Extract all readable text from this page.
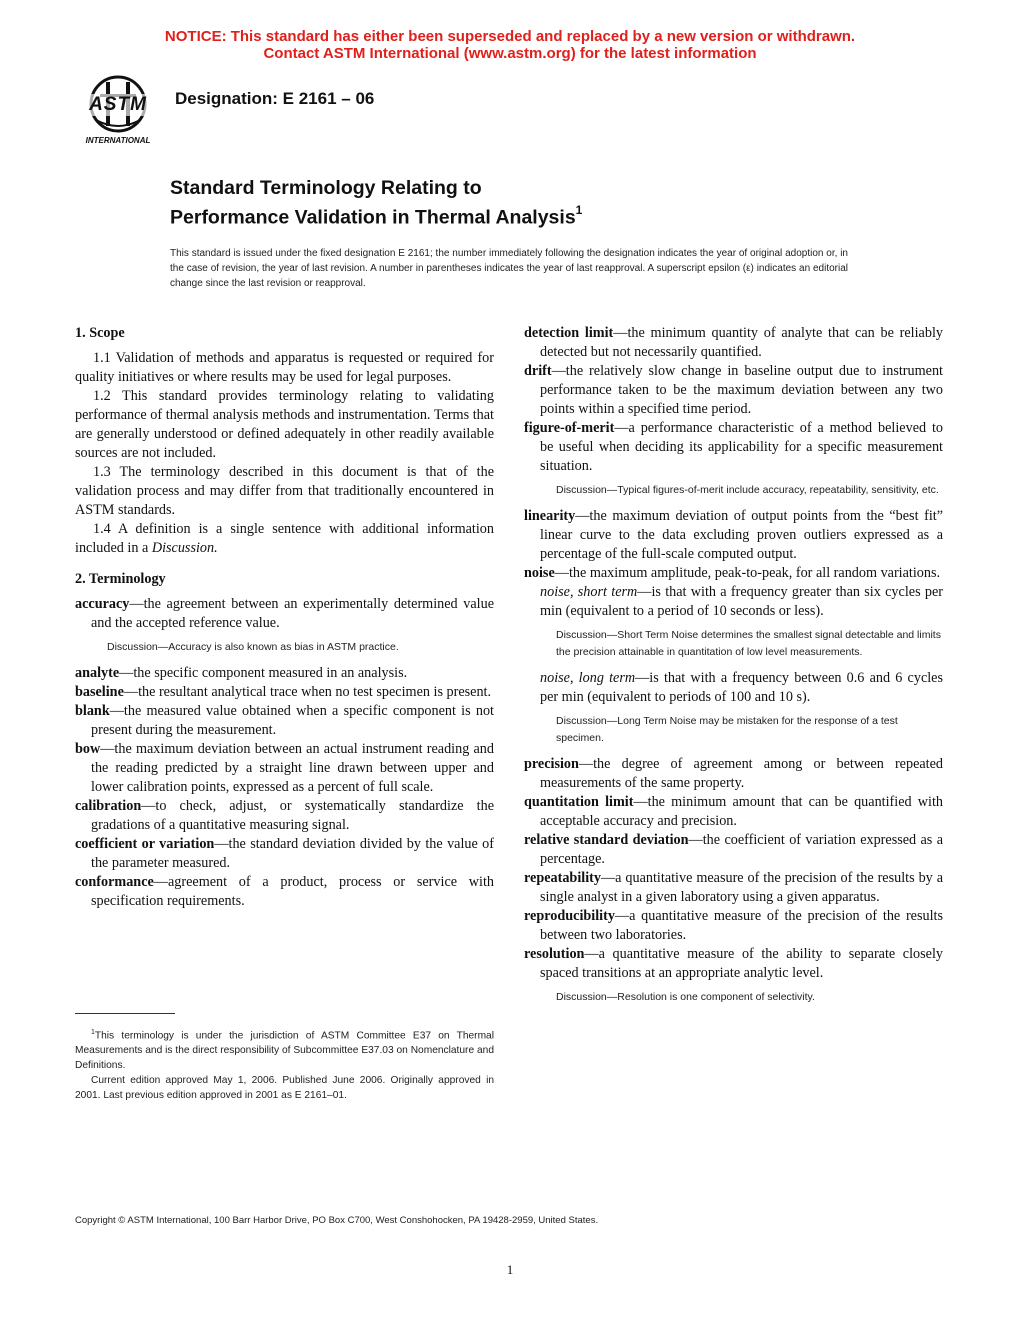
NOTICE: This standard has either been superseded and replaced by a new version or withdrawn.
Contact ASTM International (www.astm.org) for the latest information
ASTM
INTERNATIONAL
Designation: E 2161 – 06
Standard Terminology Relating to
Performance Validation in Thermal Analysis$^1$
This standard is issued under the fixed designation E 2161; the number immediately following the designation indicates the year of original adoption or, in the case of revision, the year of last revision. A number in parentheses indicates the year of last reapproval. A superscript epsilon (ε) indicates an editorial change since the last revision or reapproval.

1. Scope

1.1 Validation of methods and apparatus is requested or required for quality initiatives or where results may be used for legal purposes.

1.2 This standard provides terminology relating to validating performance of thermal analysis methods and instrumentation. Terms that are generally understood or defined adequately in other readily available sources are not included.

1.3 The terminology described in this document is that of the validation process and may differ from that traditionally encountered in ASTM standards.

1.4 A definition is a single sentence with additional information included in a Discussion.

2. Terminology

accuracy—the agreement between an experimentally determined value and the accepted reference value.

Discussion—Accuracy is also known as bias in ASTM practice.

analyte—the specific component measured in an analysis.

baseline—the resultant analytical trace when no test specimen is present.

blank—the measured value obtained when a specific component is not present during the measurement.

bow—the maximum deviation between an actual instrument reading and the reading predicted by a straight line drawn between upper and lower calibration points, expressed as a percent of full scale.

calibration—to check, adjust, or systematically standardize the gradations of a quantitative measuring signal.

coefficient or variation—the standard deviation divided by the value of the parameter measured.

conformance—agreement of a product, process or service with specification requirements.

$^1$This terminology is under the jurisdiction of ASTM Committee E37 on Thermal Measurements and is the direct responsibility of Subcommittee E37.03 on Nomenclature and Definitions.
Current edition approved May 1, 2006. Published June 2006. Originally approved in 2001. Last previous edition approved in 2001 as E 2161–01.

detection limit—the minimum quantity of analyte that can be reliably detected but not necessarily quantified.

drift—the relatively slow change in baseline output due to instrument performance taken to be the maximum deviation between any two points within a specified time period.

figure-of-merit—a performance characteristic of a method believed to be useful when deciding its applicability for a specific measurement situation.

Discussion—Typical figures-of-merit include accuracy, repeatability, sensitivity, etc.

linearity—the maximum deviation of output points from the “best fit” linear curve to the data excluding proven outliers expressed as a percentage of the full-scale computed output.

noise—the maximum amplitude, peak-to-peak, for all random variations.

noise, short term—is that with a frequency greater than six cycles per min (equivalent to a period of 10 seconds or less).

Discussion—Short Term Noise determines the smallest signal detectable and limits the precision attainable in quantitation of low level measurements.

noise, long term—is that with a frequency between 0.6 and 6 cycles per min (equivalent to periods of 100 and 10 s).

Discussion—Long Term Noise may be mistaken for the response of a test specimen.

precision—the degree of agreement among or between repeated measurements of the same property.

quantitation limit—the minimum amount that can be quantified with acceptable accuracy and precision.

relative standard deviation—the coefficient of variation expressed as a percentage.

repeatability—a quantitative measure of the precision of the results by a single analyst in a given laboratory using a given apparatus.

reproducibility—a quantitative measure of the precision of the results between two laboratories.

resolution—a quantitative measure of the ability to separate closely spaced transitions at an appropriate analytic level.

Discussion—Resolution is one component of selectivity.

Copyright © ASTM International, 100 Barr Harbor Drive, PO Box C700, West Conshohocken, PA 19428-2959, United States.
1
